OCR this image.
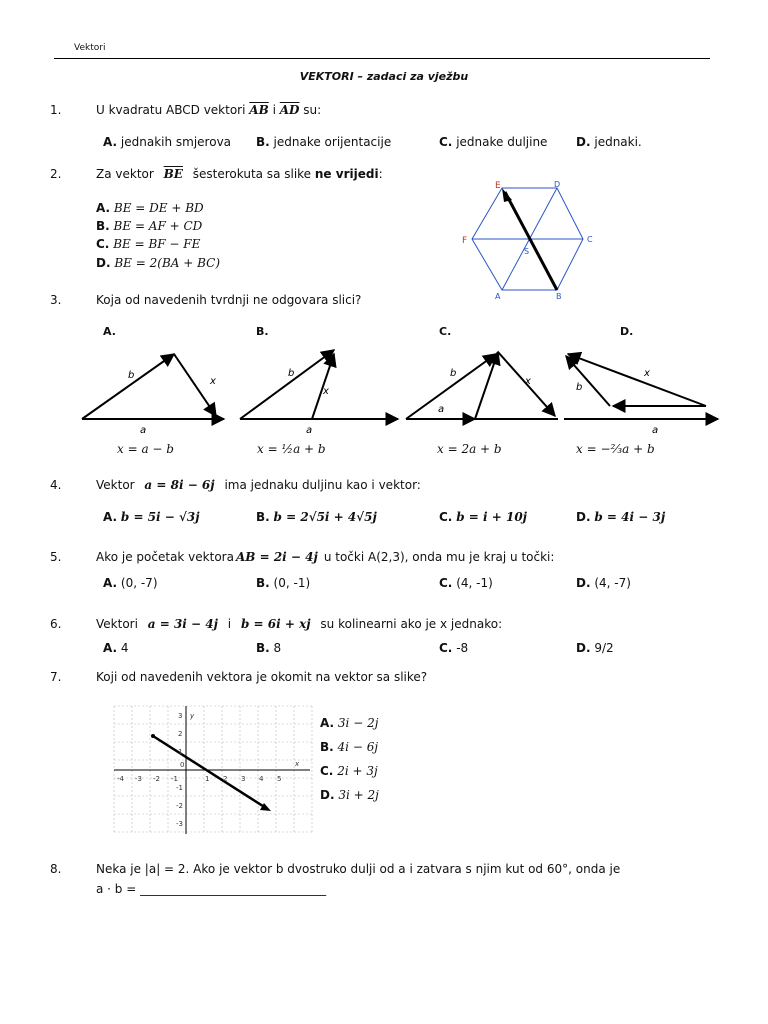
Vektori
VEKTORI – zadaci za vježbu
1.	U kvadratu ABCD vektori $\overline{AB}$ i $\overline{AD}$ su:
A. jednakih smjerova B. jednake orijentacije	C. jednake duljine D. jednaki.
2.	Za vektor $\overline{BE}$ šesterokuta sa slike ne vrijedi:
A. BE = DE + BD
B. BE = AF + CD
C. BE = BF − FE
D. BE = 2(BA + BC)
E	D
F	C
S
A	B
3.	Koja od navedenih tvrdnji ne odgovara slici?
A.	B.	C.	D.
b
x
a
b
x
a
b
x
a
b
x
a
x = a − b	x = ½a + b	x = 2a + b	x = −⅔a + b
4.	Vektor a = 8i − 6j ima jednaku duljinu kao i vektor:
A. b = 5i − √3j	B. b = 2√5i + 4√5j	C. b = i + 10j	D. b = 4i − 3j
5.	Ako je početak vektora AB = 2i − 4j u točki A(2,3), onda mu je kraj u točki:
A. (0, -7)	B. (0, -1)	C. (4, -1)	D. (4, -7)
6.	Vektori a = 3i − 4j i b = 6i + xj su kolinearni ako je x jednako:
A. 4	B. 8	C. -8	D. 9/2
7.	Koji od navedenih vektora je okomit na vektor sa slike?
-4 -3 -2 -1	1 2 3 4 5
3
2
1
-1
-2
-3
0	x
y	A. 3i − 2j
B. 4i − 6j
C. 2i + 3j
D. 3i + 2j
8.	Neka je |a| = 2. Ako je vektor b dvostruko dulji od a i zatvara s njim kut od 60°, onda je
a · b = _______________________________
